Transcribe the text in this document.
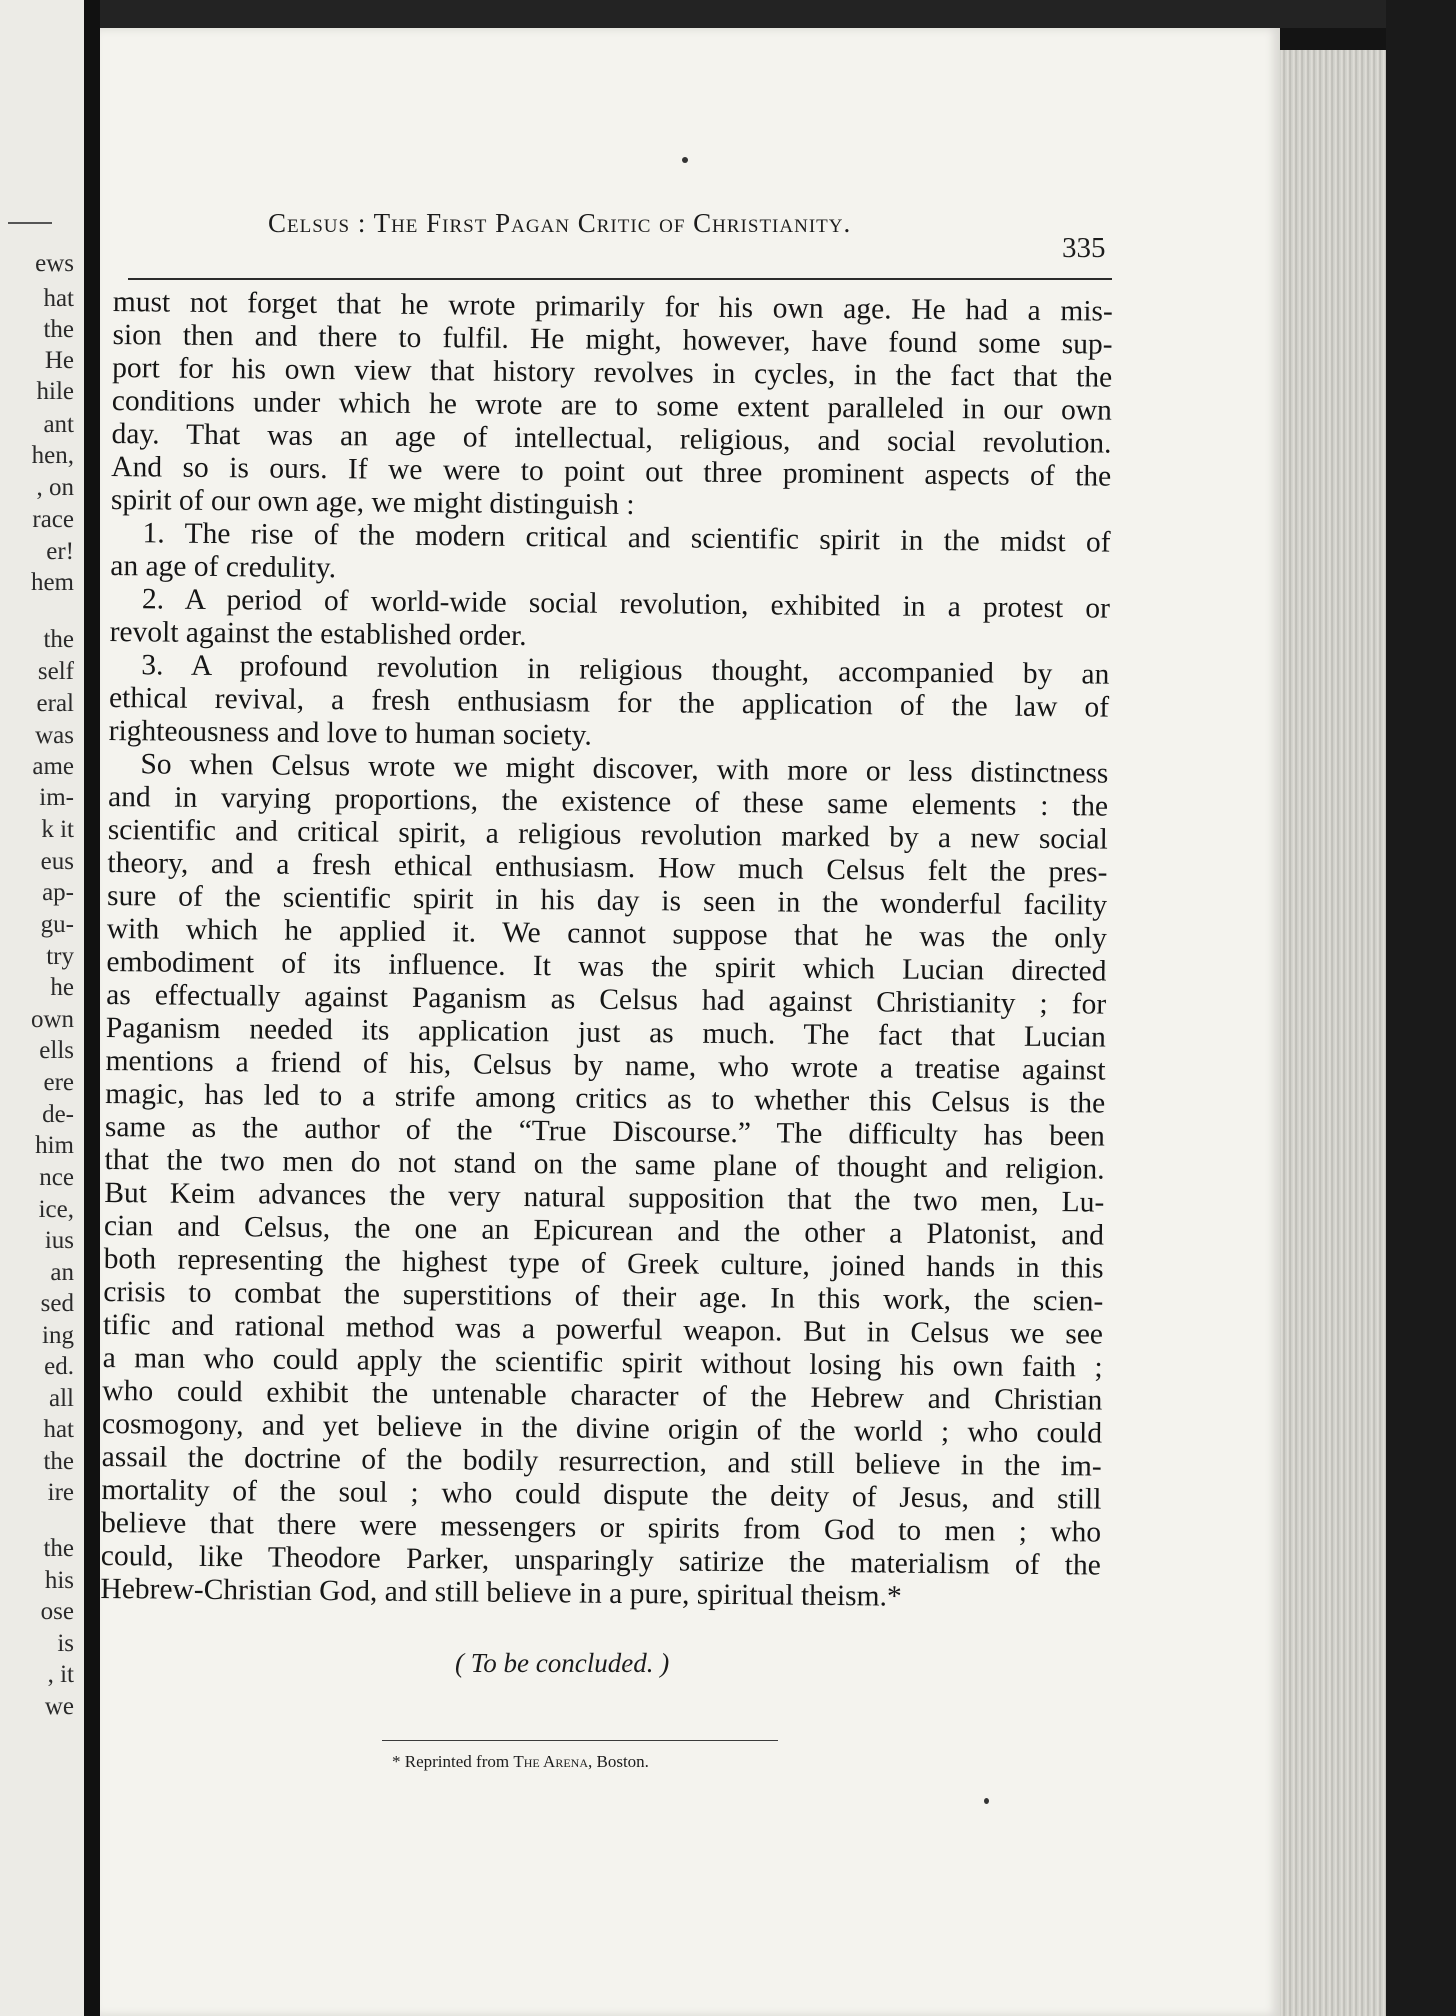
ews
hat
the
He
hile
ant
hen,
, on
race
er!
hem
the
self
eral
was
ame
im-
k it
eus
ap-
gu-
try
he
own
ells
ere
de-
him
nce
ice,
ius
an
sed
ing
ed.
all
hat
the
ire
the
his
ose
is
, it
we
Celsus : The First Pagan Critic of Christianity.
335
must not forget that he wrote primarily for his own age. He had a mis-
sion then and there to fulfil. He might, however, have found some sup-
port for his own view that history revolves in cycles, in the fact that the
conditions under which he wrote are to some extent paralleled in our own
day. That was an age of intellectual, religious, and social revolution.
And so is ours. If we were to point out three prominent aspects of the
spirit of our own age, we might distinguish :
1. The rise of the modern critical and scientific spirit in the midst of
an age of credulity.
2. A period of world-wide social revolution, exhibited in a protest or
revolt against the established order.
3. A profound revolution in religious thought, accompanied by an
ethical revival, a fresh enthusiasm for the application of the law of
righteousness and love to human society.
So when Celsus wrote we might discover, with more or less distinctness
and in varying proportions, the existence of these same elements : the
scientific and critical spirit, a religious revolution marked by a new social
theory, and a fresh ethical enthusiasm. How much Celsus felt the pres-
sure of the scientific spirit in his day is seen in the wonderful facility
with which he applied it. We cannot suppose that he was the only
embodiment of its influence. It was the spirit which Lucian directed
as effectually against Paganism as Celsus had against Christianity ; for
Paganism needed its application just as much. The fact that Lucian
mentions a friend of his, Celsus by name, who wrote a treatise against
magic, has led to a strife among critics as to whether this Celsus is the
same as the author of the “True Discourse.” The difficulty has been
that the two men do not stand on the same plane of thought and religion.
But Keim advances the very natural supposition that the two men, Lu-
cian and Celsus, the one an Epicurean and the other a Platonist, and
both representing the highest type of Greek culture, joined hands in this
crisis to combat the superstitions of their age. In this work, the scien-
tific and rational method was a powerful weapon. But in Celsus we see
a man who could apply the scientific spirit without losing his own faith ;
who could exhibit the untenable character of the Hebrew and Christian
cosmogony, and yet believe in the divine origin of the world ; who could
assail the doctrine of the bodily resurrection, and still believe in the im-
mortality of the soul ; who could dispute the deity of Jesus, and still
believe that there were messengers or spirits from God to men ; who
could, like Theodore Parker, unsparingly satirize the materialism of the
Hebrew-Christian God, and still believe in a pure, spiritual theism.*
( To be concluded. )
* Reprinted from The Arena, Boston.
